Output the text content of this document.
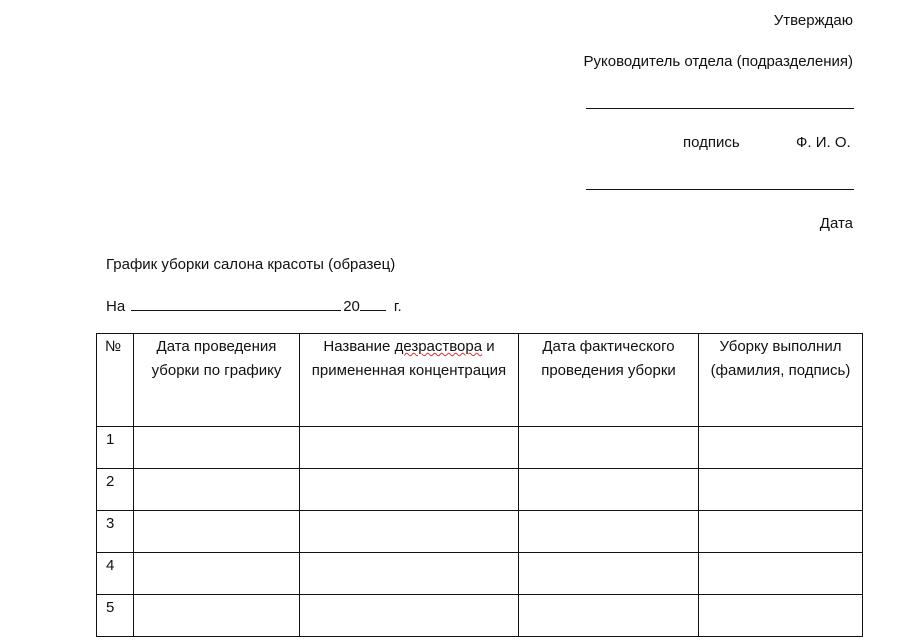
Утверждаю
Руководитель отдела (подразделения)
подпись	Ф. И. О.
Дата
График уборки салона красоты (образец)
На	20 г.
№	Дата проведения уборки по графику	Название дезраствора и примененная концентрация	Дата фактического проведения уборки	Уборку выполнил (фамилия, подпись)
1				
2				
3				
4				
5				
